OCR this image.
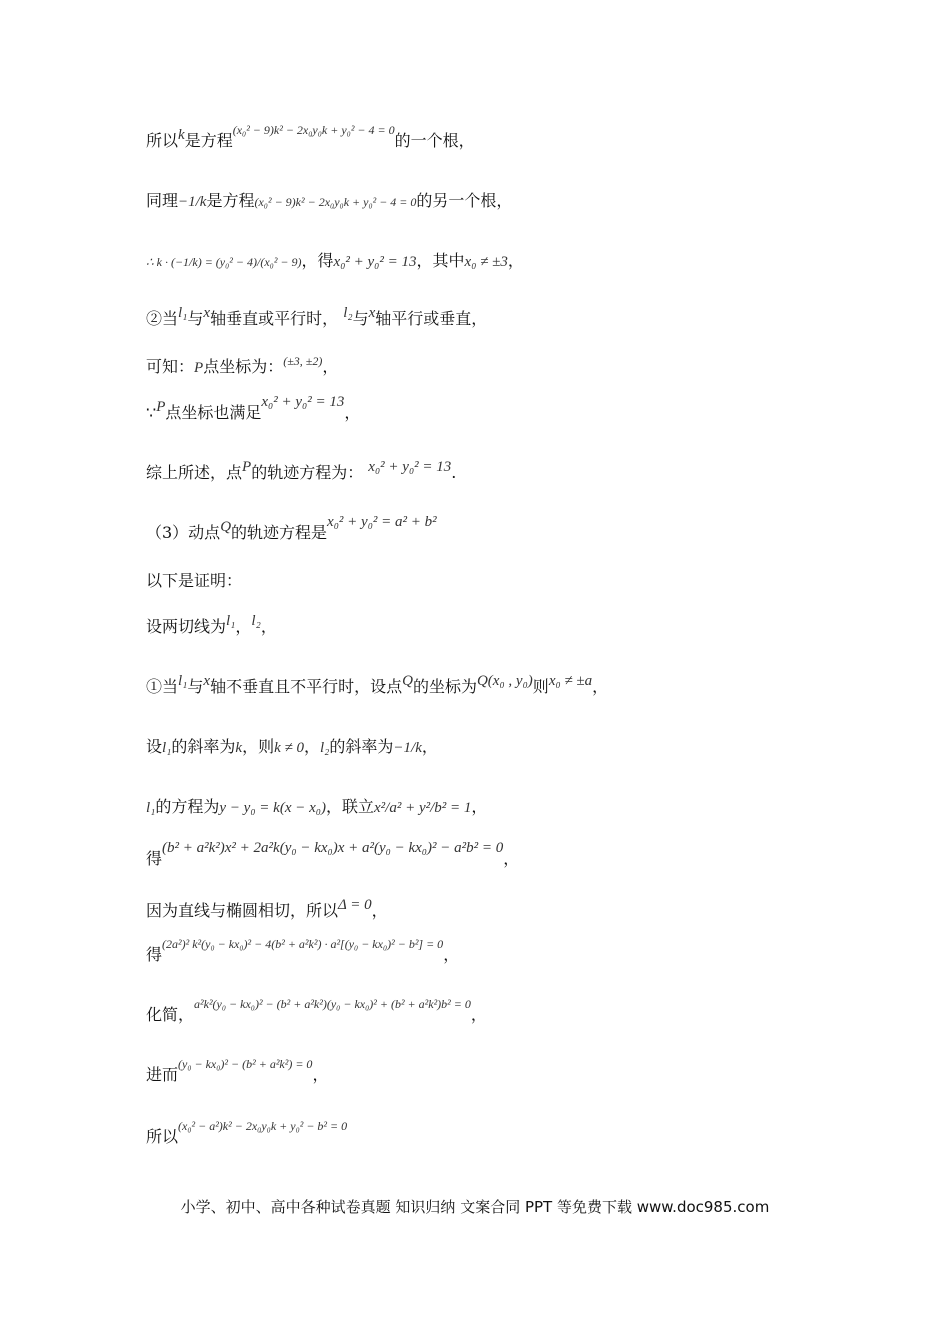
所以k是方程(x₀² − 9)k² − 2x₀y₀k + y₀² − 4 = 0的一个根，
同理−1/k是方程(x₀² − 9)k² − 2x₀y₀k + y₀² − 4 = 0的另一个根，
∴ k · (−1/k) = (y₀² − 4)/(x₀² − 9)，得x₀² + y₀² = 13，其中x₀ ≠ ±3，
②当l₁与x轴垂直或平行时， l₂与x轴平行或垂直，
可知：P点坐标为：(±3, ±2)，
∵P点坐标也满足x₀² + y₀² = 13，
综上所述，点P的轨迹方程为： x₀² + y₀² = 13.
（3）动点Q的轨迹方程是x₀² + y₀² = a² + b²
以下是证明：
设两切线为l₁，l₂，
①当l₁与x轴不垂直且不平行时，设点Q的坐标为Q(x₀ , y₀)则x₀ ≠ ±a，
设l₁的斜率为k，则k ≠ 0，l₂的斜率为−1/k，
l₁的方程为y − y₀ = k(x − x₀)，联立x²/a² + y²/b² = 1，
得(b² + a²k²)x² + 2a²k(y₀ − kx₀)x + a²(y₀ − kx₀)² − a²b² = 0，
因为直线与椭圆相切，所以Δ = 0，
得(2a²)² k²(y₀ − kx₀)² − 4(b² + a²k²) · a²[(y₀ − kx₀)² − b²] = 0，
化简，a²k²(y₀ − kx₀)² − (b² + a²k²)(y₀ − kx₀)² + (b² + a²k²)b² = 0，
进而(y₀ − kx₀)² − (b² + a²k²) = 0，
所以(x₀² − a²)k² − 2x₀y₀k + y₀² − b² = 0
小学、初中、高中各种试卷真题 知识归纳 文案合同 PPT 等免费下载 www.doc985.com
